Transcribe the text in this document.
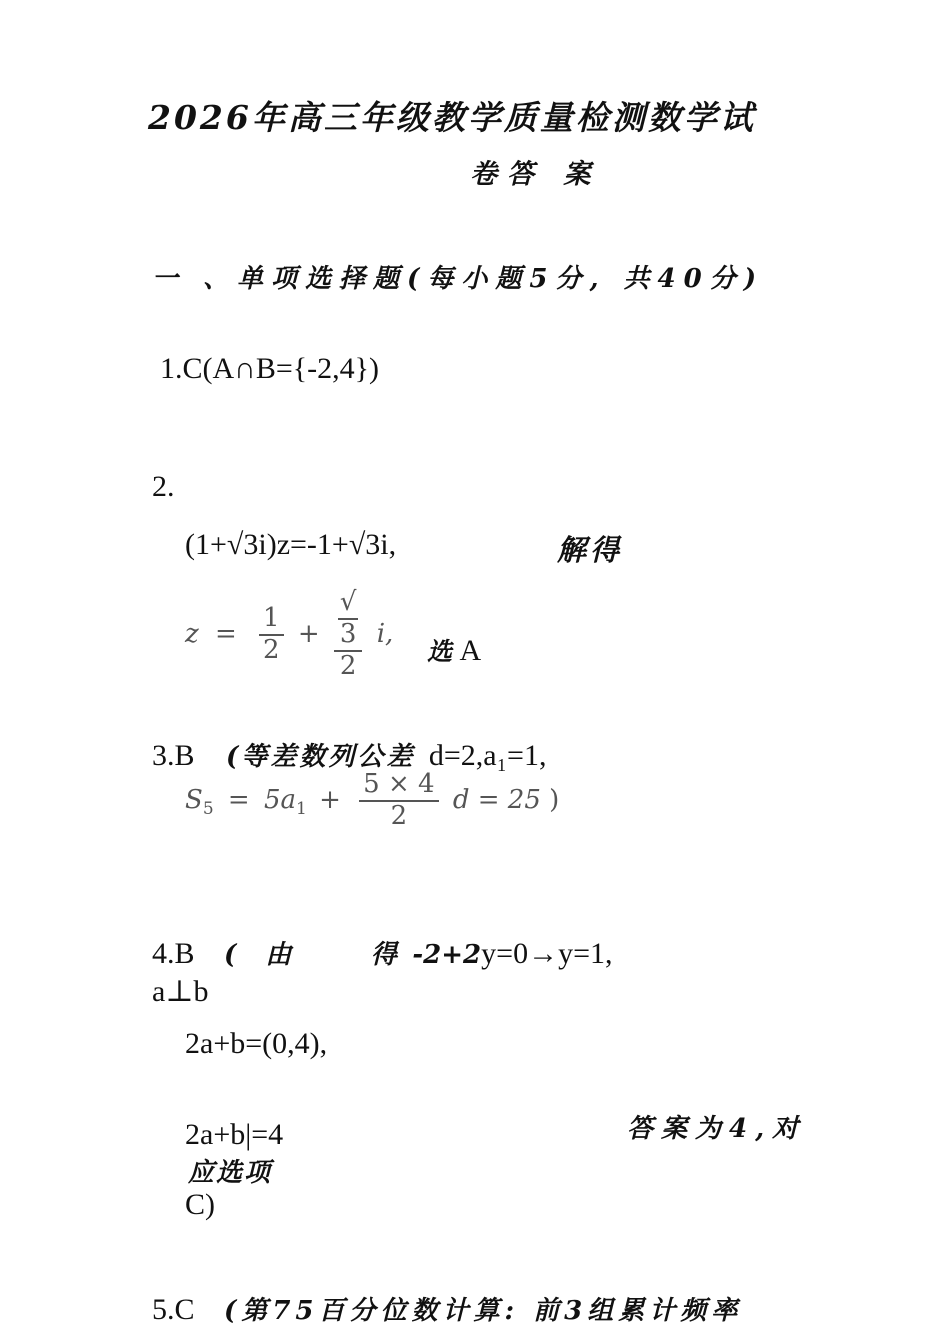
2026年高三年级教学质量检测数学试
卷答 案
一 、单项选择题(每小题5分, 共40分)
1.C(A∩B={-2,4})
2.
(1+√3i)z=-1+√3i,	解得
$z = \frac{1}{2}$ + √
3
2 i,
选 A
3.B (等差数列公差 d=2,a₁=1,
$S_5 = 5a_1 + \frac{5 \times 4}{2}$ d = 25 )
4.B ( 由	得 -2+2y=0→y=1,
a⊥b
2a+b=(0,4),
答案为4,对
2a+b|=4
应选项
C)
5.C (第75百分位数计算: 前3组累计频率
